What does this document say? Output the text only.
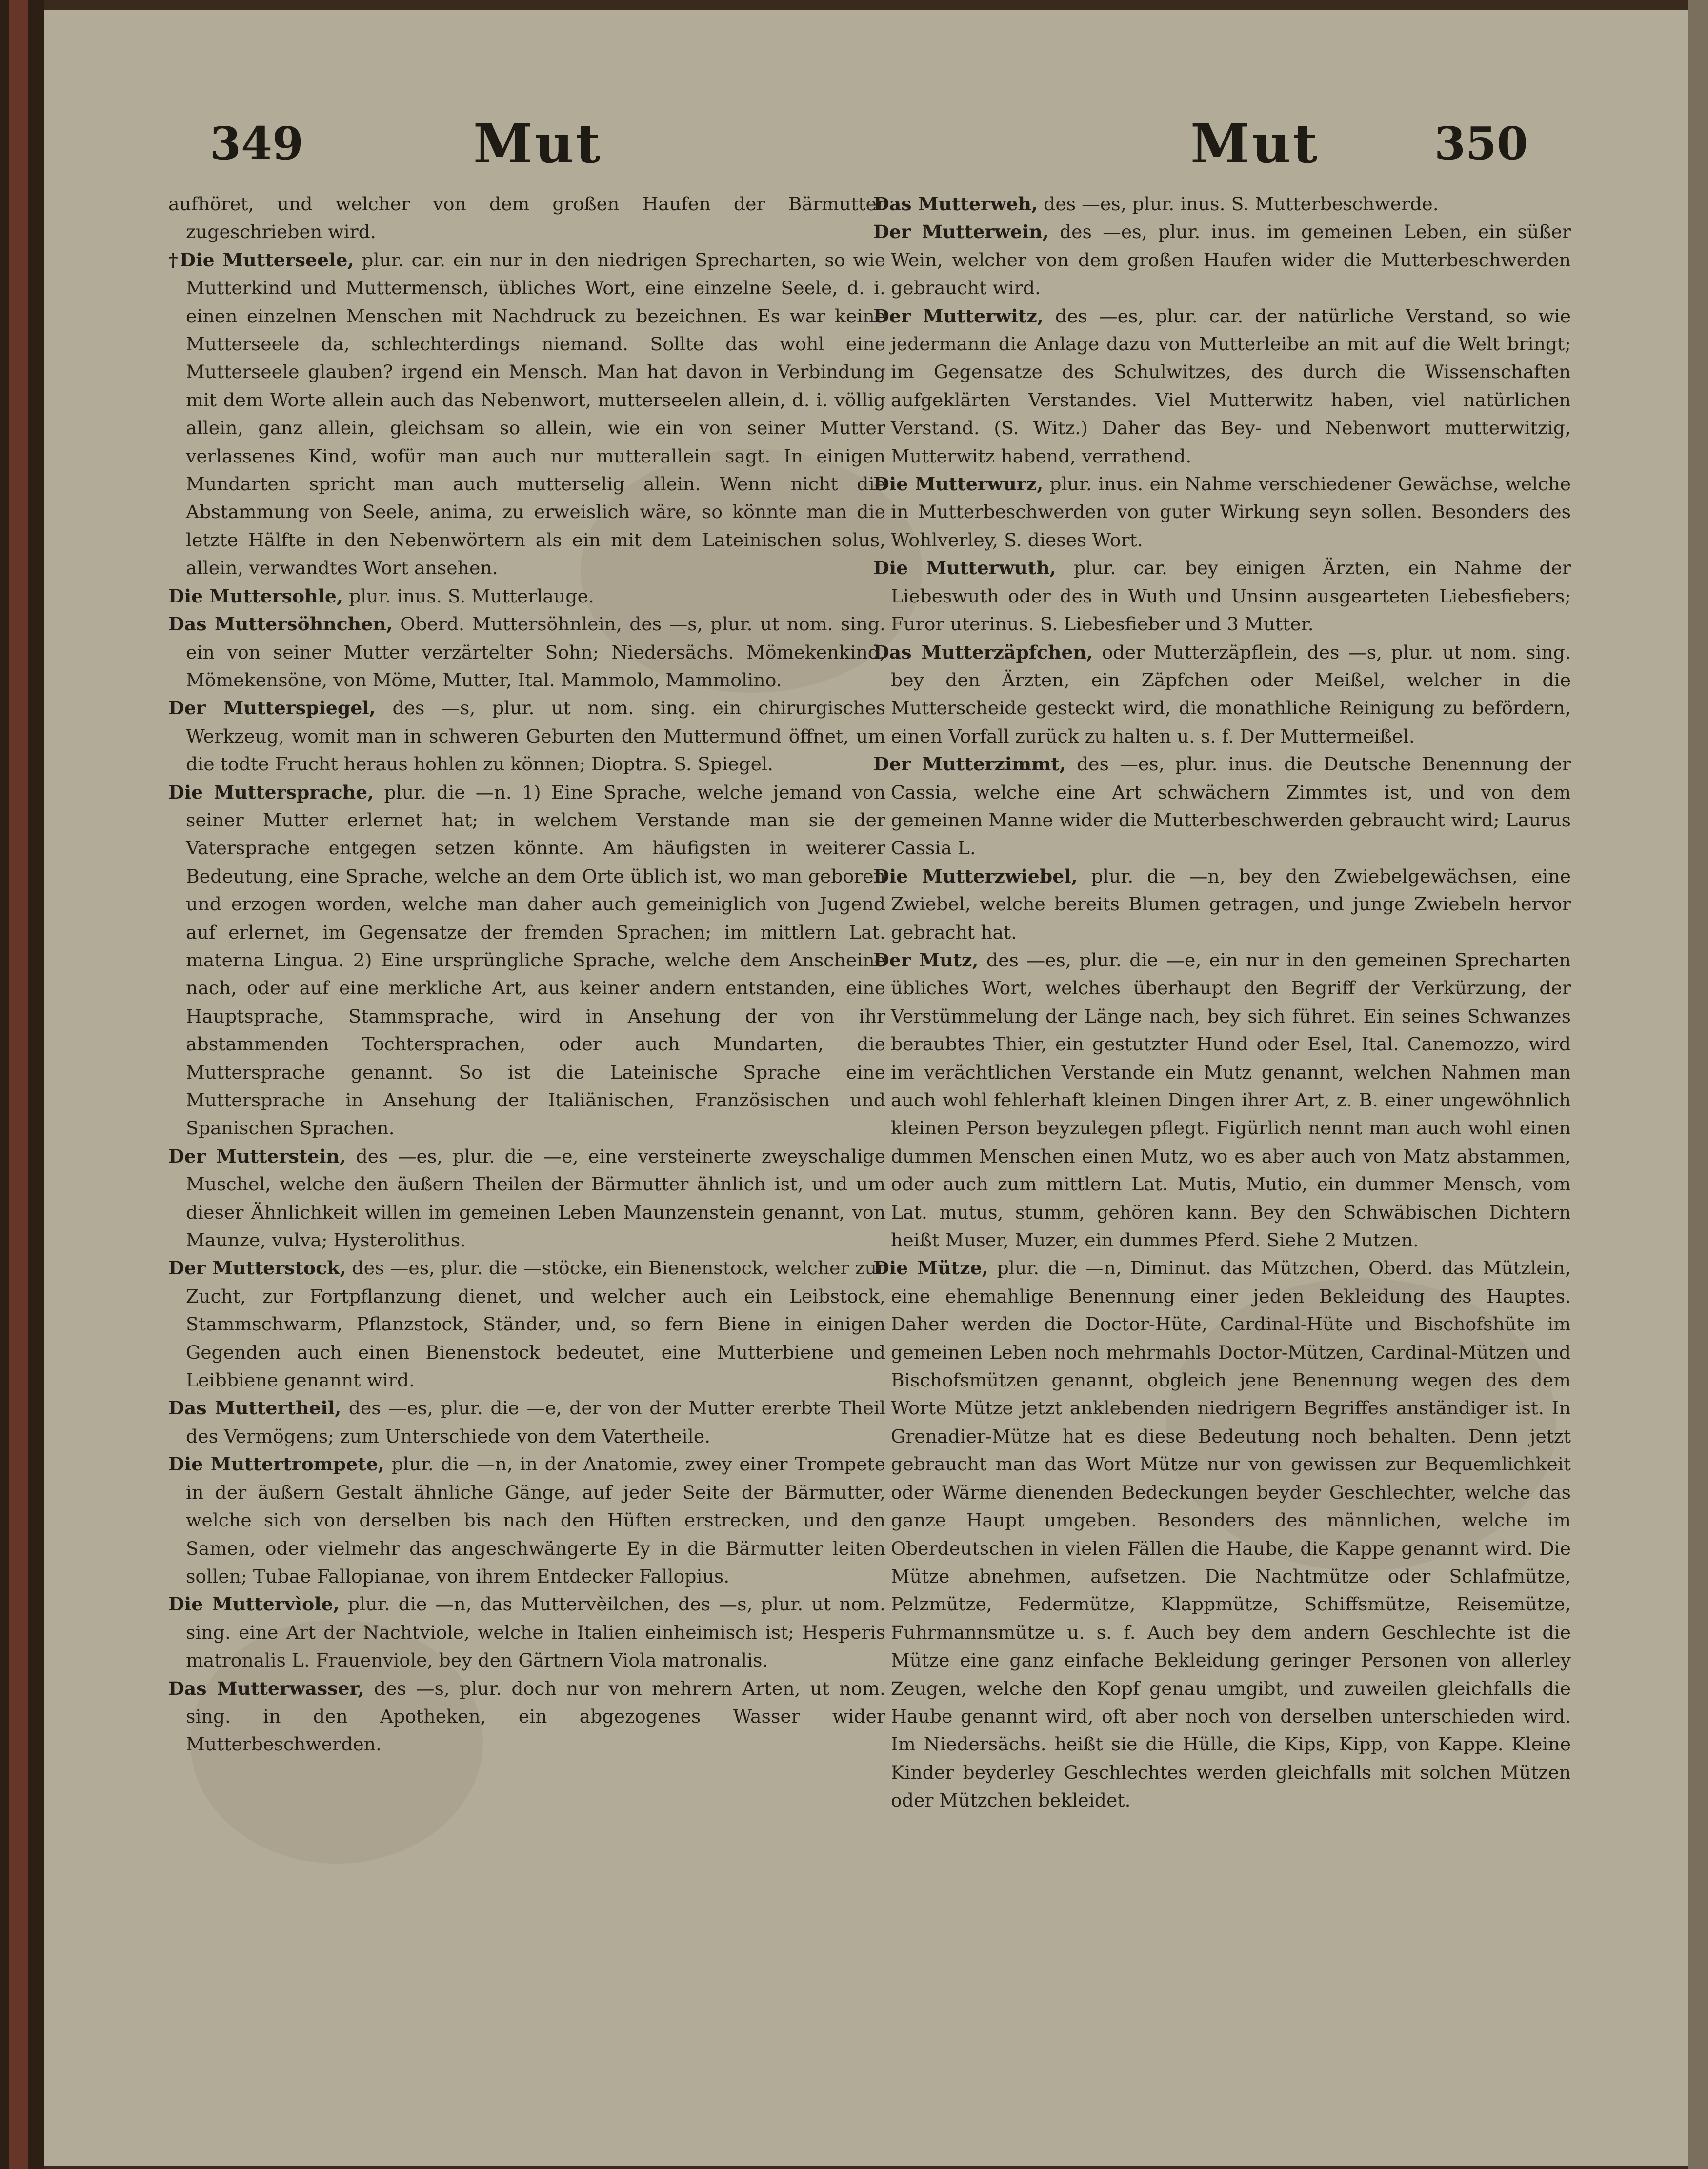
349	Mut	Mut	350

aufhöret, und welcher von dem großen Haufen der Bärmutter zugeschrieben wird.

†Die Mutterseele, plur. car. ein nur in den niedrigen Sprecharten, so wie Mutterkind und Muttermensch, übliches Wort, eine einzelne Seele, d. i. einen einzelnen Menschen mit Nachdruck zu bezeichnen. Es war keine Mutterseele da, schlechterdings niemand. Sollte das wohl eine Mutterseele glauben? irgend ein Mensch. Man hat davon in Verbindung mit dem Worte allein auch das Nebenwort, mutterseelen allein, d. i. völlig allein, ganz allein, gleichsam so allein, wie ein von seiner Mutter verlassenes Kind, wofür man auch nur mutterallein sagt. In einigen Mundarten spricht man auch mutterselig allein. Wenn nicht die Abstammung von Seele, anima, zu erweislich wäre, so könnte man die letzte Hälfte in den Nebenwörtern als ein mit dem Lateinischen solus, allein, verwandtes Wort ansehen.

Die Muttersohle, plur. inus. S. Mutterlauge.

Das Muttersöhnchen, Oberd. Muttersöhnlein, des —s, plur. ut nom. sing. ein von seiner Mutter verzärtelter Sohn; Niedersächs. Mömekenkind, Mömekensöne, von Möme, Mutter, Ital. Mammolo, Mammolino.

Der Mutterspiegel, des —s, plur. ut nom. sing. ein chirurgisches Werkzeug, womit man in schweren Geburten den Muttermund öffnet, um die todte Frucht heraus hohlen zu können; Dioptra. S. Spiegel.

Die Muttersprache, plur. die —n. 1) Eine Sprache, welche jemand von seiner Mutter erlernet hat; in welchem Verstande man sie der Vatersprache entgegen setzen könnte. Am häufigsten in weiterer Bedeutung, eine Sprache, welche an dem Orte üblich ist, wo man geboren und erzogen worden, welche man daher auch gemeiniglich von Jugend auf erlernet, im Gegensatze der fremden Sprachen; im mittlern Lat. materna Lingua. 2) Eine ursprüngliche Sprache, welche dem Anscheine nach, oder auf eine merkliche Art, aus keiner andern entstanden, eine Hauptsprache, Stammsprache, wird in Ansehung der von ihr abstammenden Tochtersprachen, oder auch Mundarten, die Muttersprache genannt. So ist die Lateinische Sprache eine Muttersprache in Ansehung der Italiänischen, Französischen und Spanischen Sprachen.

Der Mutterstein, des —es, plur. die —e, eine versteinerte zweyschalige Muschel, welche den äußern Theilen der Bärmutter ähnlich ist, und um dieser Ähnlichkeit willen im gemeinen Leben Maunzenstein genannt, von Maunze, vulva; Hysterolithus.

Der Mutterstock, des —es, plur. die —stöcke, ein Bienenstock, welcher zur Zucht, zur Fortpflanzung dienet, und welcher auch ein Leibstock, Stammschwarm, Pflanzstock, Ständer, und, so fern Biene in einigen Gegenden auch einen Bienenstock bedeutet, eine Mutterbiene und Leibbiene genannt wird.

Das Muttertheil, des —es, plur. die —e, der von der Mutter ererbte Theil des Vermögens; zum Unterschiede von dem Vatertheile.

Die Muttertrompete, plur. die —n, in der Anatomie, zwey einer Trompete in der äußern Gestalt ähnliche Gänge, auf jeder Seite der Bärmutter, welche sich von derselben bis nach den Hüften erstrecken, und den Samen, oder vielmehr das angeschwängerte Ey in die Bärmutter leiten sollen; Tubae Fallopianae, von ihrem Entdecker Fallopius.

Die Muttervìole, plur. die —n, das Muttervèilchen, des —s, plur. ut nom. sing. eine Art der Nachtviole, welche in Italien einheimisch ist; Hesperis matronalis L. Frauenviole, bey den Gärtnern Viola matronalis.

Das Mutterwasser, des —s, plur. doch nur von mehrern Arten, ut nom. sing. in den Apotheken, ein abgezogenes Wasser wider Mutterbeschwerden.

Das Mutterweh, des —es, plur. inus. S. Mutterbeschwerde.

Der Mutterwein, des —es, plur. inus. im gemeinen Leben, ein süßer Wein, welcher von dem großen Haufen wider die Mutterbeschwerden gebraucht wird.

Der Mutterwitz, des —es, plur. car. der natürliche Verstand, so wie jedermann die Anlage dazu von Mutterleibe an mit auf die Welt bringt; im Gegensatze des Schulwitzes, des durch die Wissenschaften aufgeklärten Verstandes. Viel Mutterwitz haben, viel natürlichen Verstand. (S. Witz.) Daher das Bey- und Nebenwort mutterwitzig, Mutterwitz habend, verrathend.

Die Mutterwurz, plur. inus. ein Nahme verschiedener Gewächse, welche in Mutterbeschwerden von guter Wirkung seyn sollen. Besonders des Wohlverley, S. dieses Wort.

Die Mutterwuth, plur. car. bey einigen Ärzten, ein Nahme der Liebeswuth oder des in Wuth und Unsinn ausgearteten Liebesfiebers; Furor uterinus. S. Liebesfieber und 3 Mutter.

Das Mutterzäpfchen, oder Mutterzäpflein, des —s, plur. ut nom. sing. bey den Ärzten, ein Zäpfchen oder Meißel, welcher in die Mutterscheide gesteckt wird, die monathliche Reinigung zu befördern, einen Vorfall zurück zu halten u. s. f. Der Muttermeißel.

Der Mutterzimmt, des —es, plur. inus. die Deutsche Benennung der Cassia, welche eine Art schwächern Zimmtes ist, und von dem gemeinen Manne wider die Mutterbeschwerden gebraucht wird; Laurus Cassia L.

Die Mutterzwiebel, plur. die —n, bey den Zwiebelgewächsen, eine Zwiebel, welche bereits Blumen getragen, und junge Zwiebeln hervor gebracht hat.

Der Mutz, des —es, plur. die —e, ein nur in den gemeinen Sprecharten übliches Wort, welches überhaupt den Begriff der Verkürzung, der Verstümmelung der Länge nach, bey sich führet. Ein seines Schwanzes beraubtes Thier, ein gestutzter Hund oder Esel, Ital. Canemozzo, wird im verächtlichen Verstande ein Mutz genannt, welchen Nahmen man auch wohl fehlerhaft kleinen Dingen ihrer Art, z. B. einer ungewöhnlich kleinen Person beyzulegen pflegt. Figürlich nennt man auch wohl einen dummen Menschen einen Mutz, wo es aber auch von Matz abstammen, oder auch zum mittlern Lat. Mutis, Mutio, ein dummer Mensch, vom Lat. mutus, stumm, gehören kann. Bey den Schwäbischen Dichtern heißt Muser, Muzer, ein dummes Pferd. Siehe 2 Mutzen.

Die Mütze, plur. die —n, Diminut. das Mützchen, Oberd. das Mützlein, eine ehemahlige Benennung einer jeden Bekleidung des Hauptes. Daher werden die Doctor-Hüte, Cardinal-Hüte und Bischofshüte im gemeinen Leben noch mehrmahls Doctor-Mützen, Cardinal-Mützen und Bischofsmützen genannt, obgleich jene Benennung wegen des dem Worte Mütze jetzt anklebenden niedrigern Begriffes anständiger ist. In Grenadier-Mütze hat es diese Bedeutung noch behalten. Denn jetzt gebraucht man das Wort Mütze nur von gewissen zur Bequemlichkeit oder Wärme dienenden Bedeckungen beyder Geschlechter, welche das ganze Haupt umgeben. Besonders des männlichen, welche im Oberdeutschen in vielen Fällen die Haube, die Kappe genannt wird. Die Mütze abnehmen, aufsetzen. Die Nachtmütze oder Schlafmütze, Pelzmütze, Federmütze, Klappmütze, Schiffsmütze, Reisemütze, Fuhrmannsmütze u. s. f. Auch bey dem andern Geschlechte ist die Mütze eine ganz einfache Bekleidung geringer Personen von allerley Zeugen, welche den Kopf genau umgibt, und zuweilen gleichfalls die Haube genannt wird, oft aber noch von derselben unterschieden wird. Im Niedersächs. heißt sie die Hülle, die Kips, Kipp, von Kappe. Kleine Kinder beyderley Geschlechtes werden gleichfalls mit solchen Mützen oder Mützchen bekleidet.
